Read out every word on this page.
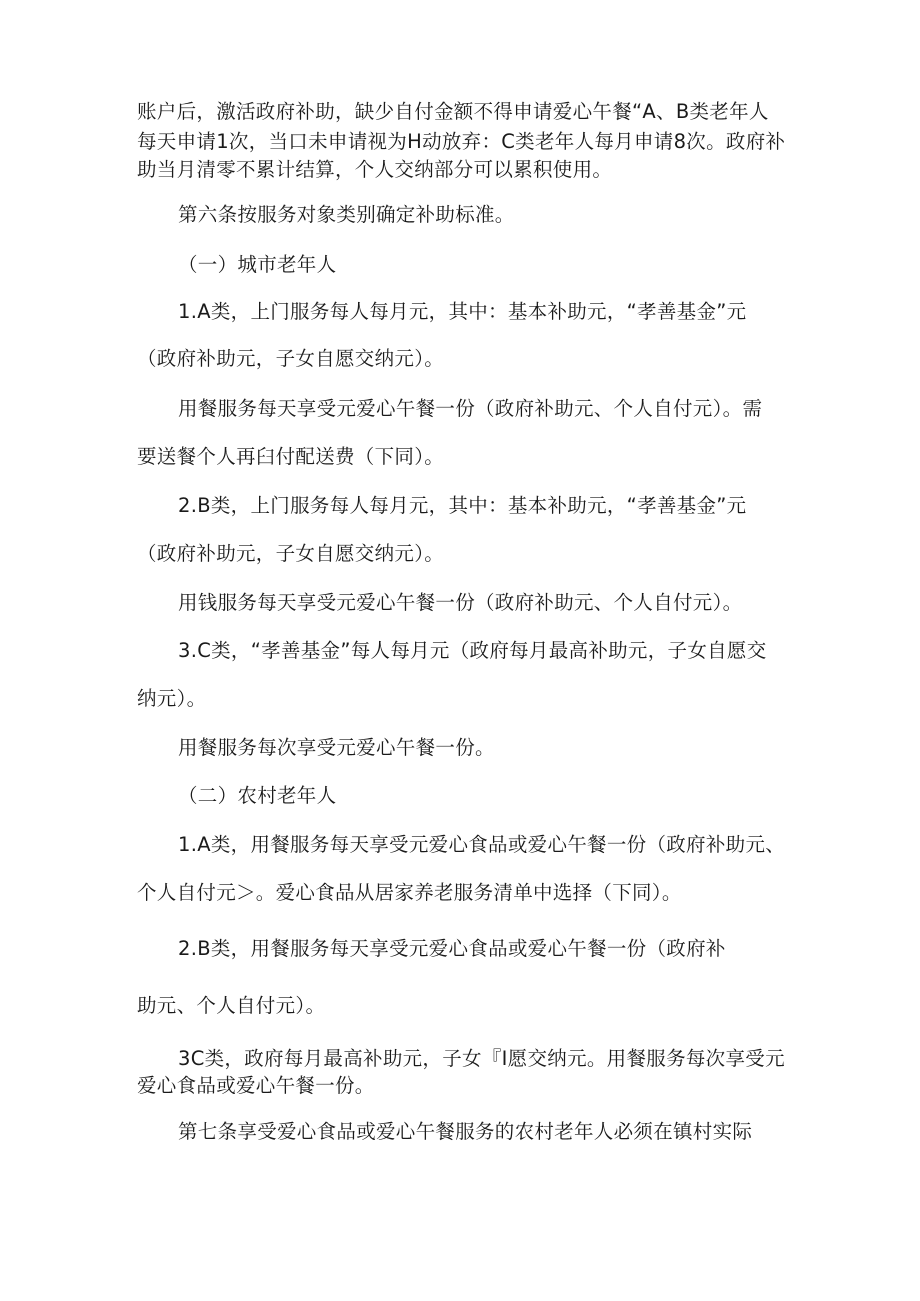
账户后，激活政府补助，缺少自付金额不得申请爱心午餐“A、B类老年人
每天申请1次，当口未申请视为H动放弃：C类老年人每月申请8次。政府补
助当月清零不累计结算，个人交纳部分可以累积使用。
第六条按服务对象类别确定补助标准。
（一）城市老年人
1.A类，上门服务每人每月元，其中：基本补助元，“孝善基金”元
（政府补助元，子女自愿交纳元）。
用餐服务每天享受元爱心午餐一份（政府补助元、个人自付元）。需
要送餐个人再臼付配送费（下同）。
2.B类，上门服务每人每月元，其中：基本补助元，“孝善基金”元
（政府补助元，子女自愿交纳元）。
用钱服务每天享受元爱心午餐一份（政府补助元、个人自付元）。
3.C类，“孝善基金”每人每月元（政府每月最高补助元，子女自愿交
纳元）。
用餐服务每次享受元爱心午餐一份。
（二）农村老年人
1.A类，用餐服务每天享受元爱心食品或爱心午餐一份（政府补助元、
个人自付元＞。爱心食品从居家养老服务清单中选择（下同）。
2.B类，用餐服务每天享受元爱心食品或爱心午餐一份（政府补
助元、个人自付元）。
3C类，政府每月最高补助元，子女『I愿交纳元。用餐服务每次享受元
爱心食品或爱心午餐一份。
第七条享受爱心食品或爱心午餐服务的农村老年人必须在镇村实际
